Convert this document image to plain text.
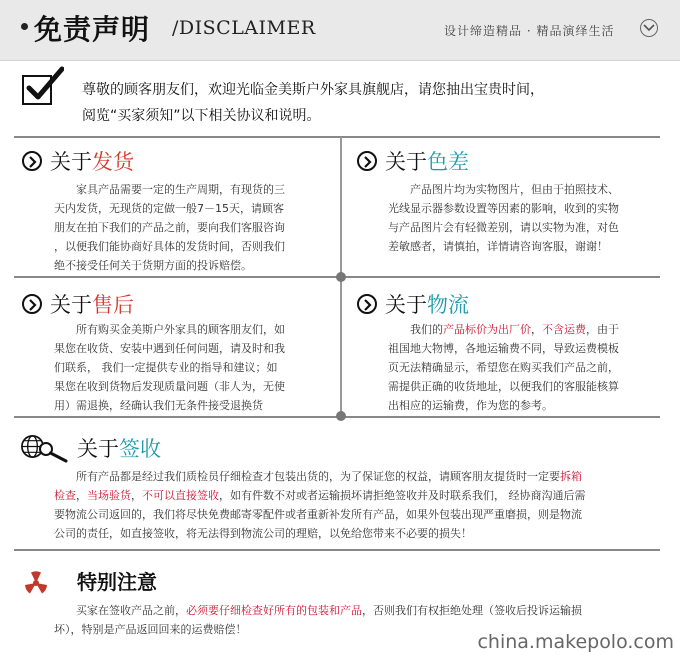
免责声明 /DISCLAIMER	设计缔造精品 · 精品演绎生活
尊敬的顾客朋友们，欢迎光临金美斯户外家具旗舰店，请您抽出宝贵时间，
阅览“买家须知”以下相关协议和说明。
关于发货
家具产品需要一定的生产周期，有现货的三
天内发货，无现货的定做一般7－15天，请顾客
朋友在拍下我们的产品之前，要向我们客服咨询
，以便我们能协商好具体的发货时间，否则我们
绝不接受任何关于货期方面的投诉赔偿。
关于色差
产品图片均为实物图片，但由于拍照技术、
光线显示器参数设置等因素的影响，收到的实物
与产品图片会有轻微差别，请以实物为准，对色
差敏感者，请慎拍，详情请咨询客服，谢谢！
关于售后
所有购买金美斯户外家具的顾客朋友们，如
果您在收货、安装中遇到任何问题，请及时和我
们联系， 我们一定提供专业的指导和建议；如
果您在收到货物后发现质量问题（非人为，无使
用）需退换，经确认我们无条件接受退换货
关于物流
我们的产品标价为出厂价，不含运费，由于
祖国地大物博，各地运输费不同，导致运费模板
页无法精确显示，希望您在购买我们产品之前，
需提供正确的收货地址，以便我们的客服能核算
出相应的运输费，作为您的参考。
关于签收
所有产品都是经过我们质检员仔细检查才包装出货的，为了保证您的权益，请顾客朋友提货时一定要拆箱
检查，当场验货，不可以直接签收，如有件数不对或者运输损坏请拒绝签收并及时联系我们， 经协商沟通后需
要物流公司返回的，我们将尽快免费邮寄零配件或者重新补发所有产品，如果外包装出现严重磨损，则是物流
公司的责任，如直接签收，将无法得到物流公司的理赔，以免给您带来不必要的损失！
特别注意
买家在签收产品之前，必须要仔细检查好所有的包装和产品，否则我们有权拒绝处理（签收后投诉运输损
坏），特别是产品返回回来的运费赔偿！
china.makepolo.com
